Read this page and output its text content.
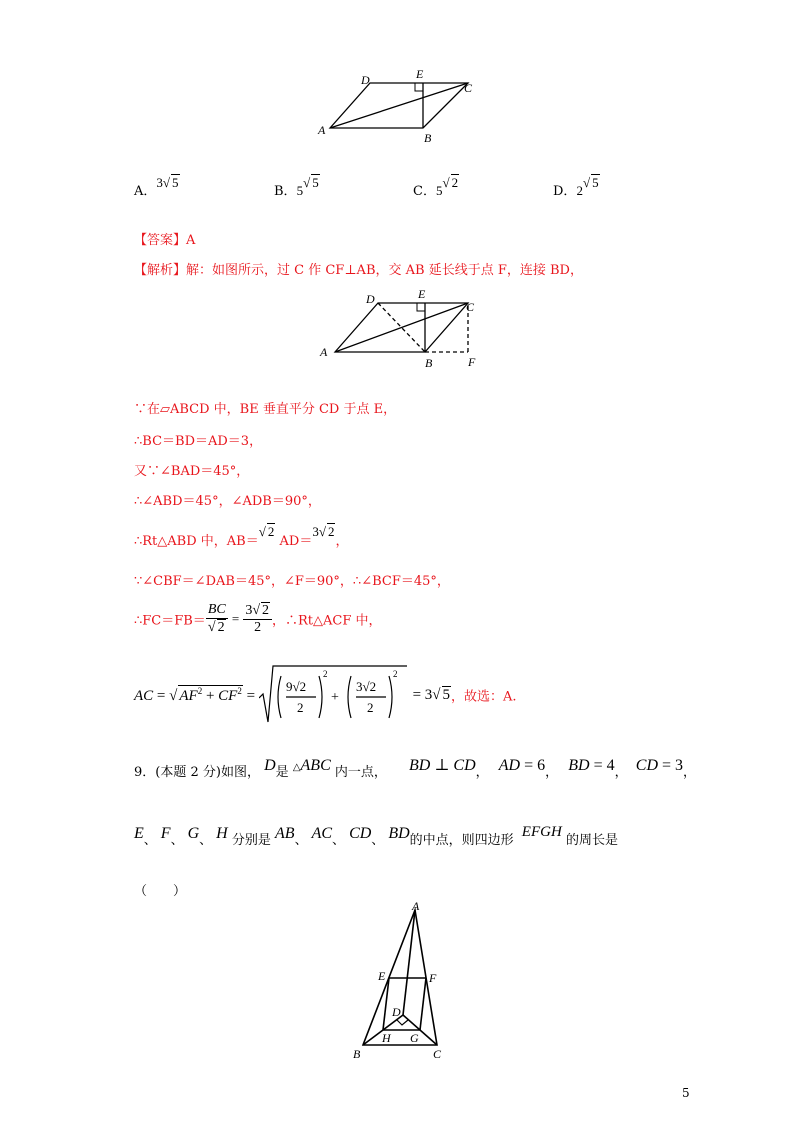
A
D	E
C
B
A．3√ 5
B．5√ 5
C．5√ 2
D．2√ 5
【答案】A
【解析】解：如图所示，过 C 作 CF⊥AB，交 AB 延长线于点 F，连接 BD，
A
D	E
C
B	F
∵在▱ABCD 中，BE 垂直平分 CD 于点 E，
∴BC＝BD＝AD＝3，
又∵∠BAD＝45°，
∴∠ABD＝45°，∠ADB＝90°，
∴Rt△ABD 中，AB＝√ 2 AD＝3√ 2，
∵∠CBF＝∠DAB＝45°，∠F＝90°，∴∠BCF＝45°，
∴FC＝FB＝ $\frac{BC}{√ 2} = \frac{3√ 2}{2}$ ，∴Rt△ACF 中，
AC = √ $AF^2 + CF^2$ =
9√2
2
2
+
3√2
2
2
= 3√ 5，故选：A.
9．(本题 2 分)如图， D是 △ABC 内一点， BD ⊥ CD， AD = 6， BD = 4， CD = 3，
E、 F、 G、 H 分别是 AB、 AC、 CD、 BD的中点，则四边形 EFGH 的周长是
（　　）
A
E	F
D
H G
B	C
5
